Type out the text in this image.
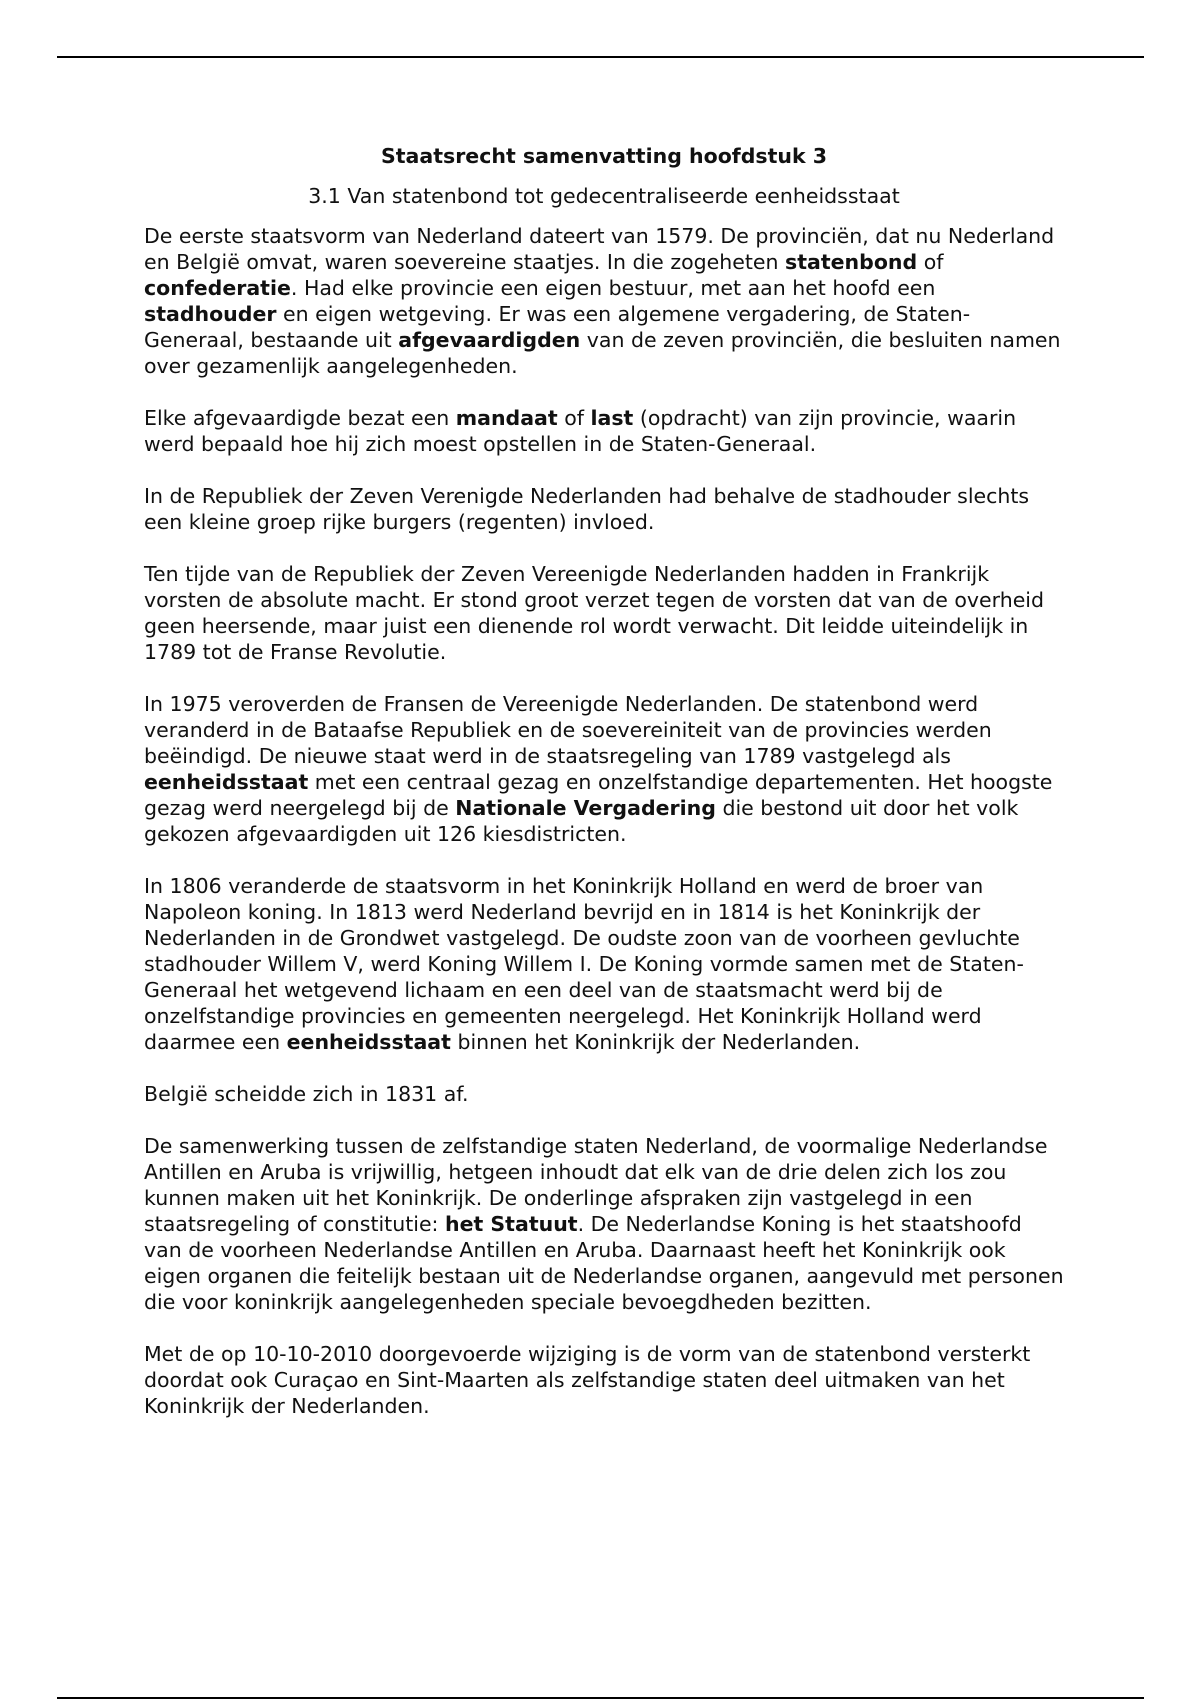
Staatsrecht samenvatting hoofdstuk 3
3.1 Van statenbond tot gedecentraliseerde eenheidsstaat

De eerste staatsvorm van Nederland dateert van 1579. De provinciën, dat nu Nederland en België omvat, waren soevereine staatjes. In die zogeheten statenbond of confederatie. Had elke provincie een eigen bestuur, met aan het hoofd een stadhouder en eigen wetgeving. Er was een algemene vergadering, de Staten-Generaal, bestaande uit afgevaardigden van de zeven provinciën, die besluiten namen over gezamenlijk aangelegenheden.

Elke afgevaardigde bezat een mandaat of last (opdracht) van zijn provincie, waarin werd bepaald hoe hij zich moest opstellen in de Staten-Generaal.

In de Republiek der Zeven Verenigde Nederlanden had behalve de stadhouder slechts een kleine groep rijke burgers (regenten) invloed.

Ten tijde van de Republiek der Zeven Vereenigde Nederlanden hadden in Frankrijk vorsten de absolute macht. Er stond groot verzet tegen de vorsten dat van de overheid geen heersende, maar juist een dienende rol wordt verwacht. Dit leidde uiteindelijk in 1789 tot de Franse Revolutie.

In 1975 veroverden de Fransen de Vereenigde Nederlanden. De statenbond werd veranderd in de Bataafse Republiek en de soevereiniteit van de provincies werden beëindigd. De nieuwe staat werd in de staatsregeling van 1789 vastgelegd als eenheidsstaat met een centraal gezag en onzelfstandige departementen. Het hoogste gezag werd neergelegd bij de Nationale Vergadering die bestond uit door het volk gekozen afgevaardigden uit 126 kiesdistricten.

In 1806 veranderde de staatsvorm in het Koninkrijk Holland en werd de broer van Napoleon koning. In 1813 werd Nederland bevrijd en in 1814 is het Koninkrijk der Nederlanden in de Grondwet vastgelegd. De oudste zoon van de voorheen gevluchte stadhouder Willem V, werd Koning Willem I. De Koning vormde samen met de Staten-Generaal het wetgevend lichaam en een deel van de staatsmacht werd bij de onzelfstandige provincies en gemeenten neergelegd. Het Koninkrijk Holland werd daarmee een eenheidsstaat binnen het Koninkrijk der Nederlanden.

België scheidde zich in 1831 af.

De samenwerking tussen de zelfstandige staten Nederland, de voormalige Nederlandse Antillen en Aruba is vrijwillig, hetgeen inhoudt dat elk van de drie delen zich los zou kunnen maken uit het Koninkrijk. De onderlinge afspraken zijn vastgelegd in een staatsregeling of constitutie: het Statuut. De Nederlandse Koning is het staatshoofd van de voorheen Nederlandse Antillen en Aruba. Daarnaast heeft het Koninkrijk ook eigen organen die feitelijk bestaan uit de Nederlandse organen, aangevuld met personen die voor koninkrijk aangelegenheden speciale bevoegdheden bezitten.

Met de op 10-10-2010 doorgevoerde wijziging is de vorm van de statenbond versterkt doordat ook Curaçao en Sint-Maarten als zelfstandige staten deel uitmaken van het Koninkrijk der Nederlanden.
